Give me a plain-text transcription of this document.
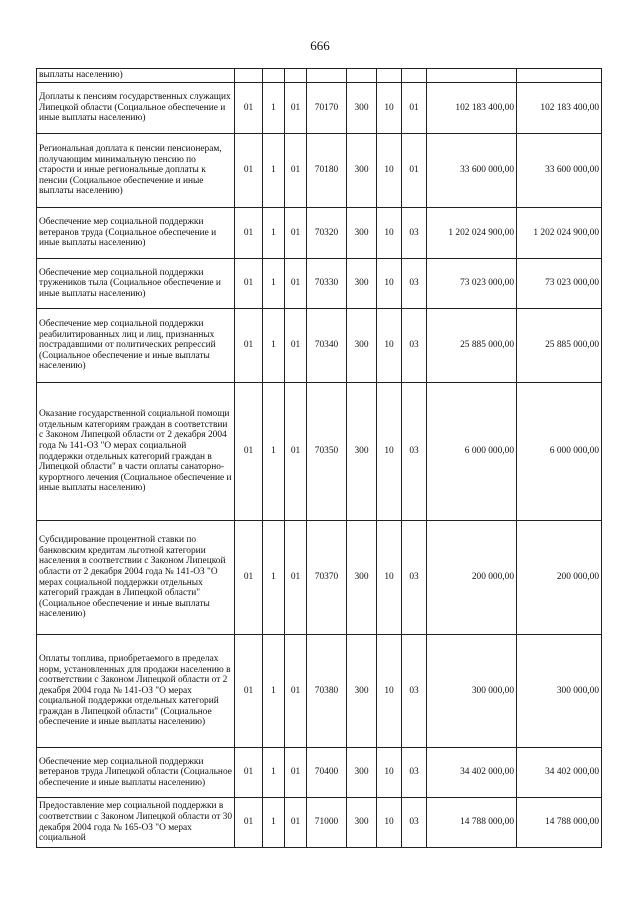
666
выплаты населению)									
Доплаты к пенсиям государственных служащих Липецкой области (Социальное обеспечение и иные выплаты населению)	01	1	01	70170	300	10	01	102 183 400,00	102 183 400,00
Региональная доплата к пенсии пенсионерам, получающим минимальную пенсию по старости и иные региональные доплаты к пенсии (Социальное обеспечение и иные выплаты населению)	01	1	01	70180	300	10	01	33 600 000,00	33 600 000,00
Обеспечение мер социальной поддержки ветеранов труда (Социальное обеспечение и иные выплаты населению)	01	1	01	70320	300	10	03	1 202 024 900,00	1 202 024 900,00
Обеспечение мер социальной поддержки тружеников тыла (Социальное обеспечение и иные выплаты населению)	01	1	01	70330	300	10	03	73 023 000,00	73 023 000,00
Обеспечение мер социальной поддержки реабилитированных лиц и лиц, признанных пострадавшими от политических репрессий (Социальное обеспечение и иные выплаты населению)	01	1	01	70340	300	10	03	25 885 000,00	25 885 000,00
Оказание государственной социальной помощи отдельным категориям граждан в соответствии с Законом Липецкой области от 2 декабря 2004 года № 141-ОЗ "О мерах социальной поддержки отдельных категорий граждан в Липецкой области" в части оплаты санаторно-курортного лечения (Социальное обеспечение и иные выплаты населению)	01	1	01	70350	300	10	03	6 000 000,00	6 000 000,00
Субсидирование процентной ставки по банковским кредитам льготной категории населения в соответствии с Законом Липецкой области от 2 декабря 2004 года № 141-ОЗ "О мерах социальной поддержки отдельных категорий граждан в Липецкой области" (Социальное обеспечение и иные выплаты населению)	01	1	01	70370	300	10	03	200 000,00	200 000,00
Оплаты топлива, приобретаемого в пределах норм, установленных для продажи населению в соответствии с Законом Липецкой области от 2 декабря 2004 года № 141-ОЗ "О мерах социальной поддержки отдельных категорий граждан в Липецкой области" (Социальное обеспечение и иные выплаты населению)	01	1	01	70380	300	10	03	300 000,00	300 000,00
Обеспечение мер социальной поддержки ветеранов труда Липецкой области (Социальное обеспечение и иные выплаты населению)	01	1	01	70400	300	10	03	34 402 000,00	34 402 000,00
Предоставление мер социальной поддержки в соответствии с Законом Липецкой области от 30 декабря 2004 года № 165-ОЗ "О мерах социальной	01	1	01	71000	300	10	03	14 788 000,00	14 788 000,00
